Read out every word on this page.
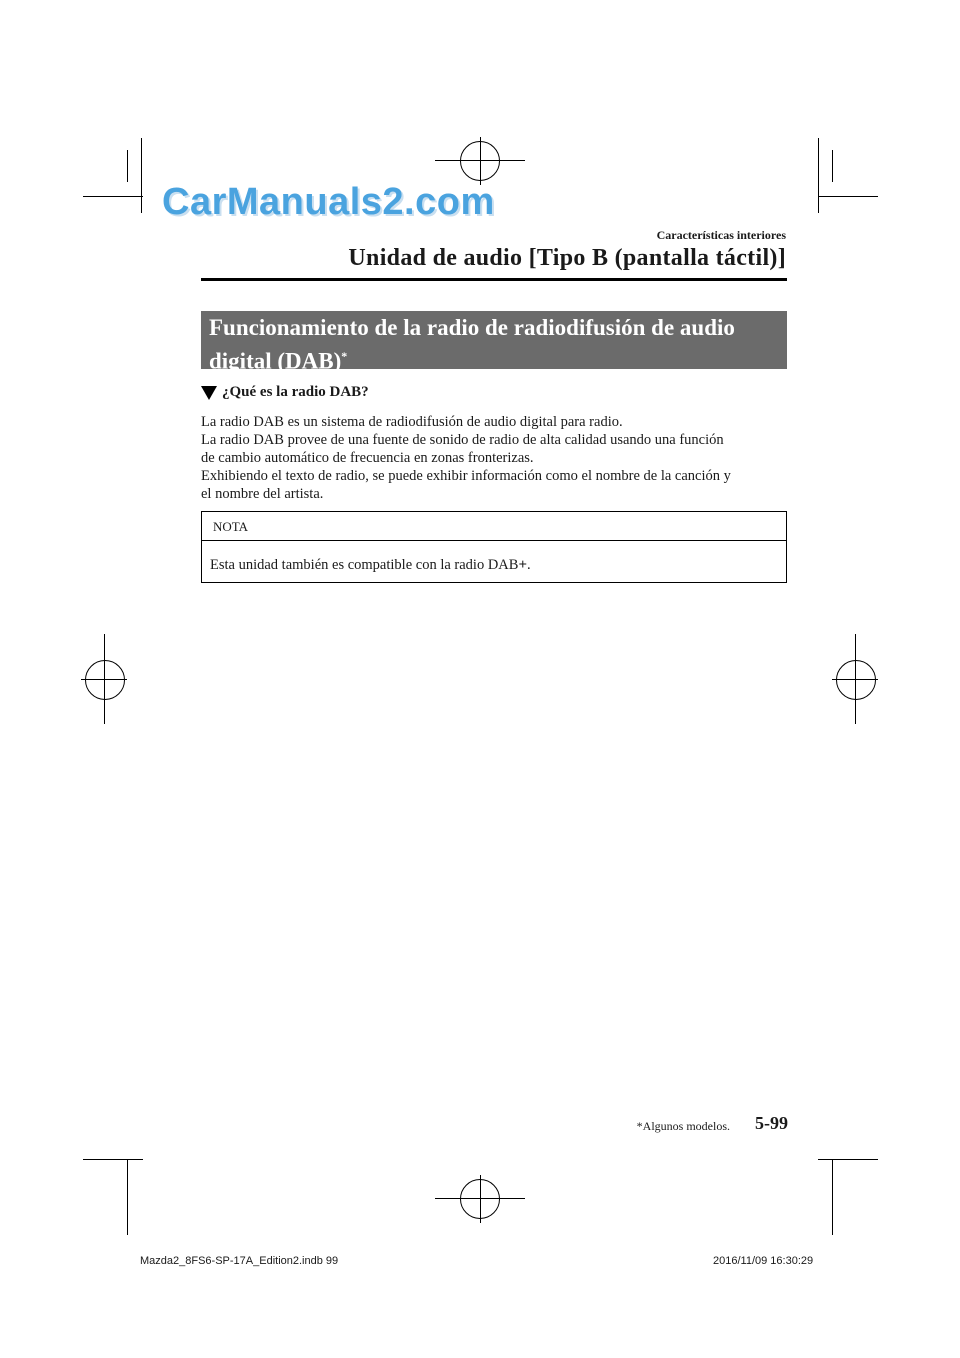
CarManuals2.com
Características interiores
Unidad de audio [Tipo B (pantalla táctil)]
Funcionamiento de la radio de radiodifusión de audio
digital (DAB)*
¿Qué es la radio DAB?

La radio DAB es un sistema de radiodifusión de audio digital para radio.

La radio DAB provee de una fuente de sonido de radio de alta calidad usando una función

de cambio automático de frecuencia en zonas fronterizas.

Exhibiendo el texto de radio, se puede exhibir información como el nombre de la canción y

el nombre del artista.

NOTA
Esta unidad también es compatible con la radio DAB+.
*Algunos modelos. 5-99
Mazda2_8FS6-SP-17A_Edition2.indb 99	2016/11/09 16:30:29
